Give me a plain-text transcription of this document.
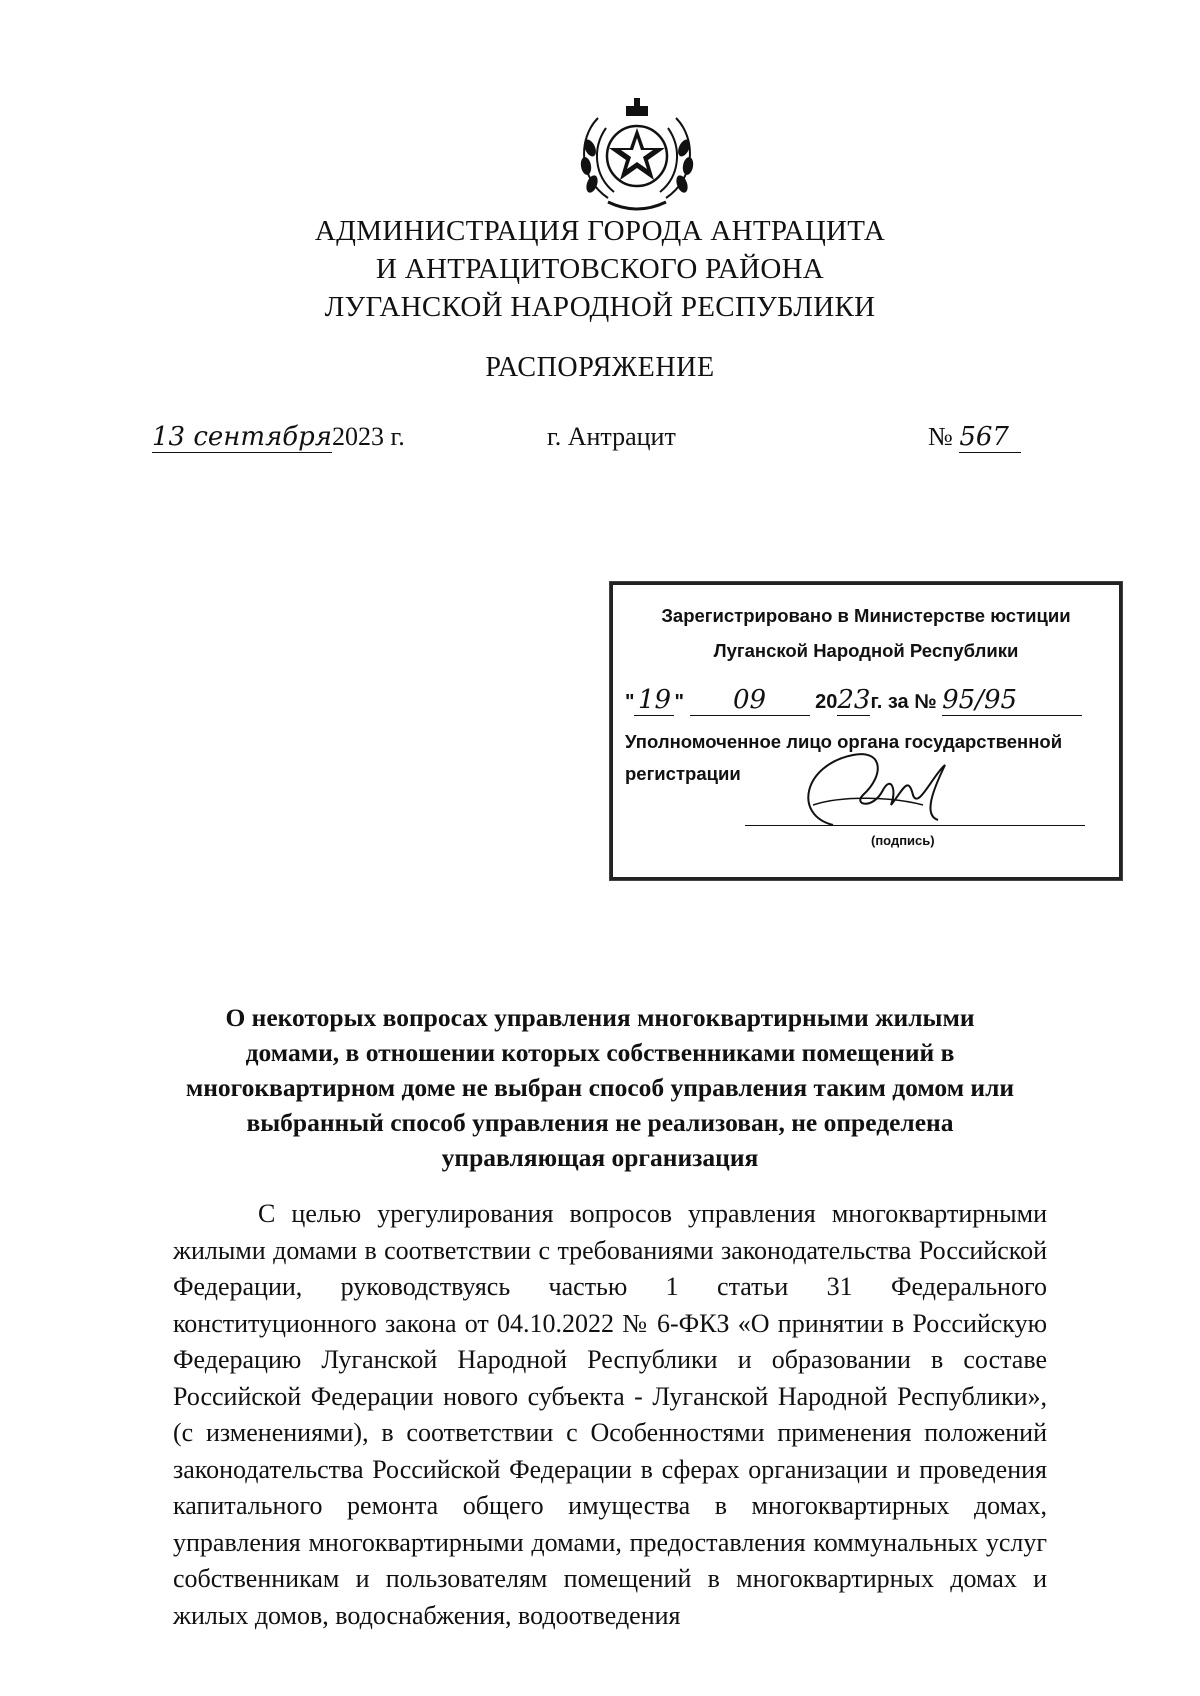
АДМИНИСТРАЦИЯ ГОРОДА АНТРАЦИТА
И АНТРАЦИТОВСКОГО РАЙОНА
ЛУГАНСКОЙ НАРОДНОЙ РЕСПУБЛИКИ
РАСПОРЯЖЕНИЕ
13 сентября2023 г.	г. Антрацит	№ 567
Зарегистрировано в Министерстве юстиции
Луганской Народной Республики
" 19 " 09 2023г. за № 95/95
Уполномоченное лицо органа государственной
регистрации
(подпись)
О некоторых вопросах управления многоквартирными жилыми
домами, в отношении которых собственниками помещений в
многоквартирном доме не выбран способ управления таким домом или
выбранный способ управления не реализован, не определена
управляющая организация
С целью урегулирования вопросов управления многоквартирными жилыми домами в соответствии с требованиями законодательства Российской Федерации, руководствуясь частью 1 статьи 31 Федерального конституционного закона от 04.10.2022 № 6-ФКЗ «О принятии в Российскую Федерацию Луганской Народной Республики и образовании в составе Российской Федерации нового субъекта - Луганской Народной Республики», (с изменениями), в соответствии с Особенностями применения положений законодательства Российской Федерации в сферах организации и проведения капитального ремонта общего имущества в многоквартирных домах, управления многоквартирными домами, предоставления коммунальных услуг собственникам и пользователям помещений в многоквартирных домах и жилых домов, водоснабжения, водоотведения
